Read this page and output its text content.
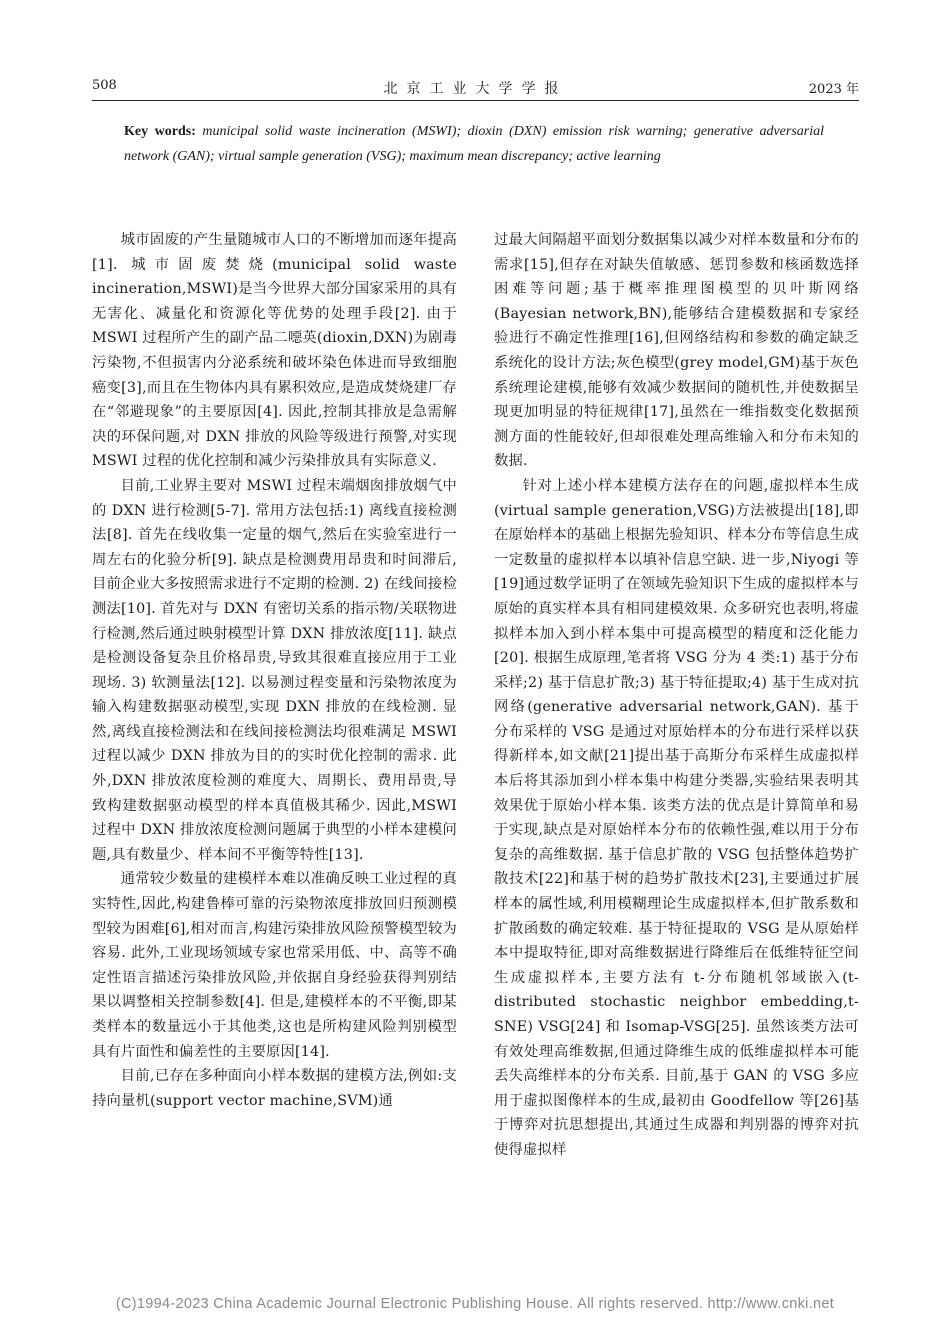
508	北京工业大学学报	2023 年
Key words: municipal solid waste incineration (MSWI); dioxin (DXN) emission risk warning; generative adversarial network (GAN); virtual sample generation (VSG); maximum mean discrepancy; active learning

城市固废的产生量随城市人口的不断增加而逐年提高[1]. 城市固废焚烧(municipal solid waste incineration,MSWI)是当今世界大部分国家采用的具有无害化、减量化和资源化等优势的处理手段[2]. 由于 MSWI 过程所产生的副产品二噁英(dioxin,DXN)为剧毒污染物,不但损害内分泌系统和破坏染色体进而导致细胞癌变[3],而且在生物体内具有累积效应,是造成焚烧建厂存在“邻避现象”的主要原因[4]. 因此,控制其排放是急需解决的环保问题,对 DXN 排放的风险等级进行预警,对实现 MSWI 过程的优化控制和减少污染排放具有实际意义.

目前,工业界主要对 MSWI 过程末端烟囱排放烟气中的 DXN 进行检测[5-7]. 常用方法包括:1) 离线直接检测法[8]. 首先在线收集一定量的烟气,然后在实验室进行一周左右的化验分析[9]. 缺点是检测费用昂贵和时间滞后,目前企业大多按照需求进行不定期的检测. 2) 在线间接检测法[10]. 首先对与 DXN 有密切关系的指示物/关联物进行检测,然后通过映射模型计算 DXN 排放浓度[11]. 缺点是检测设备复杂且价格昂贵,导致其很难直接应用于工业现场. 3) 软测量法[12]. 以易测过程变量和污染物浓度为输入构建数据驱动模型,实现 DXN 排放的在线检测. 显然,离线直接检测法和在线间接检测法均很难满足 MSWI 过程以减少 DXN 排放为目的的实时优化控制的需求. 此外,DXN 排放浓度检测的难度大、周期长、费用昂贵,导致构建数据驱动模型的样本真值极其稀少. 因此,MSWI 过程中 DXN 排放浓度检测问题属于典型的小样本建模问题,具有数量少、样本间不平衡等特性[13].

通常较少数量的建模样本难以准确反映工业过程的真实特性,因此,构建鲁棒可靠的污染物浓度排放回归预测模型较为困难[6],相对而言,构建污染排放风险预警模型较为容易. 此外,工业现场领域专家也常采用低、中、高等不确定性语言描述污染排放风险,并依据自身经验获得判别结果以调整相关控制参数[4]. 但是,建模样本的不平衡,即某类样本的数量远小于其他类,这也是所构建风险判别模型具有片面性和偏差性的主要原因[14].

目前,已存在多种面向小样本数据的建模方法,例如:支持向量机(support vector machine,SVM)通

过最大间隔超平面划分数据集以减少对样本数量和分布的需求[15],但存在对缺失值敏感、惩罚参数和核函数选择困难等问题;基于概率推理图模型的贝叶斯网络(Bayesian network,BN),能够结合建模数据和专家经验进行不确定性推理[16],但网络结构和参数的确定缺乏系统化的设计方法;灰色模型(grey model,GM)基于灰色系统理论建模,能够有效减少数据间的随机性,并使数据呈现更加明显的特征规律[17],虽然在一维指数变化数据预测方面的性能较好,但却很难处理高维输入和分布未知的数据.

针对上述小样本建模方法存在的问题,虚拟样本生成(virtual sample generation,VSG)方法被提出[18],即在原始样本的基础上根据先验知识、样本分布等信息生成一定数量的虚拟样本以填补信息空缺. 进一步,Niyogi 等[19]通过数学证明了在领域先验知识下生成的虚拟样本与原始的真实样本具有相同建模效果. 众多研究也表明,将虚拟样本加入到小样本集中可提高模型的精度和泛化能力[20]. 根据生成原理,笔者将 VSG 分为 4 类:1) 基于分布采样;2) 基于信息扩散;3) 基于特征提取;4) 基于生成对抗网络(generative adversarial network,GAN). 基于分布采样的 VSG 是通过对原始样本的分布进行采样以获得新样本,如文献[21]提出基于高斯分布采样生成虚拟样本后将其添加到小样本集中构建分类器,实验结果表明其效果优于原始小样本集. 该类方法的优点是计算简单和易于实现,缺点是对原始样本分布的依赖性强,难以用于分布复杂的高维数据. 基于信息扩散的 VSG 包括整体趋势扩散技术[22]和基于树的趋势扩散技术[23],主要通过扩展样本的属性域,利用模糊理论生成虚拟样本,但扩散系数和扩散函数的确定较难. 基于特征提取的 VSG 是从原始样本中提取特征,即对高维数据进行降维后在低维特征空间生成虚拟样本,主要方法有 t-分布随机邻域嵌入(t-distributed stochastic neighbor embedding,t-SNE) VSG[24] 和 Isomap-VSG[25]. 虽然该类方法可有效处理高维数据,但通过降维生成的低维虚拟样本可能丢失高维样本的分布关系. 目前,基于 GAN 的 VSG 多应用于虚拟图像样本的生成,最初由 Goodfellow 等[26]基于博弈对抗思想提出,其通过生成器和判别器的博弈对抗使得虚拟样

(C)1994-2023 China Academic Journal Electronic Publishing House. All rights reserved. http://www.cnki.net
